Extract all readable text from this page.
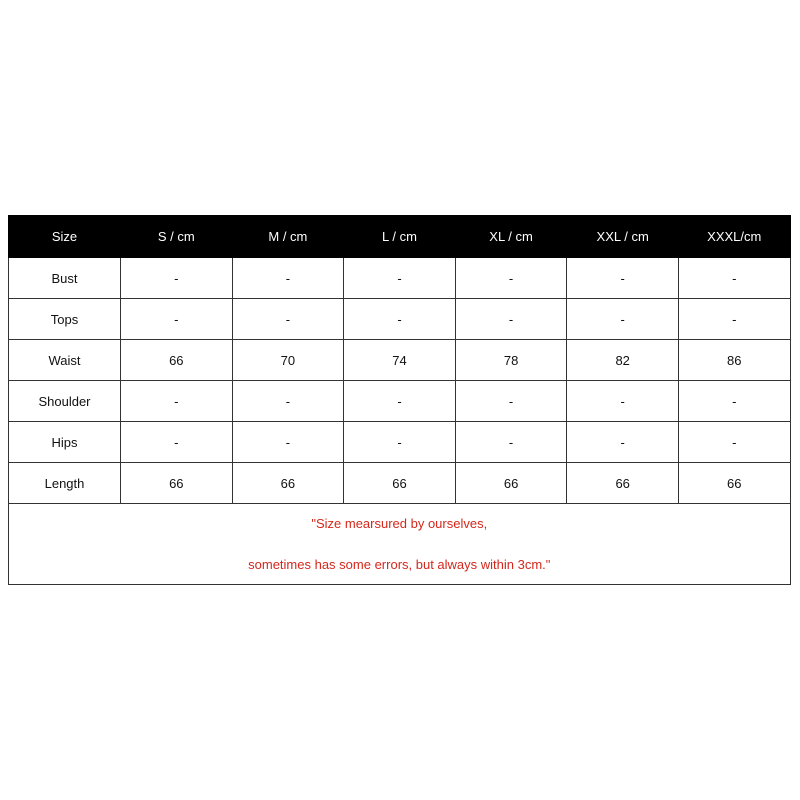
Size	S / cm	M / cm	L / cm	XL / cm	XXL / cm	XXXL/cm
Bust	-	-	-	-	-	-
Tops	-	-	-	-	-	-
Waist	66	70	74	78	82	86
Shoulder	-	-	-	-	-	-
Hips	-	-	-	-	-	-
Length	66	66	66	66	66	66

"Size mearsured by ourselves,
sometimes has some errors, but always within 3cm."						
